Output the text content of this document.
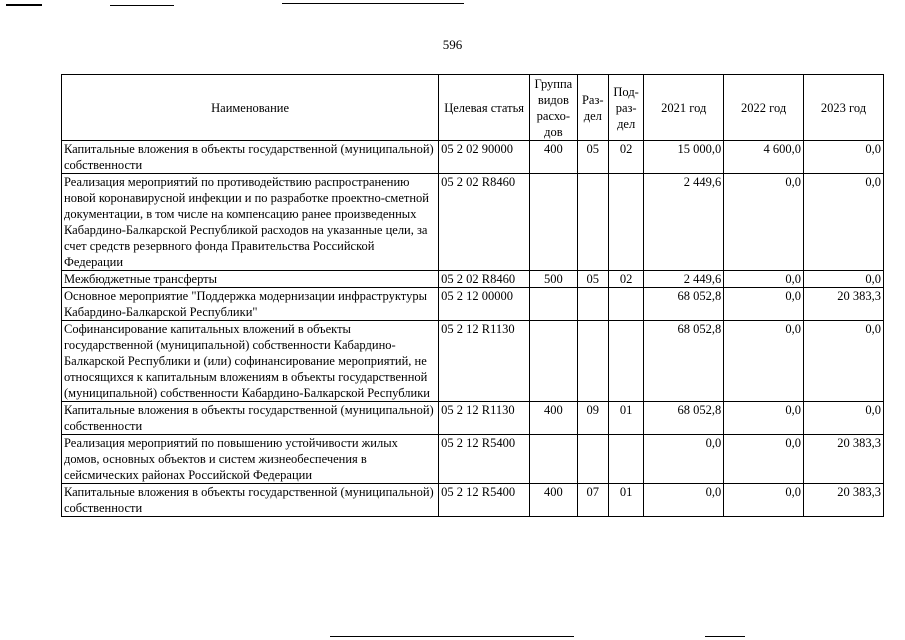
596
Наименование	Целевая статья	Группа видов расхо- дов	Раз- дел	Под- раз- дел	2021 год	2022 год	2023 год
Капитальные вложения в объекты государственной (муниципальной) собственности	05 2 02 90000	400	05	02	15 000,0	4 600,0	0,0
Реализация мероприятий по противодействию распространению новой коронавирусной инфекции и по разработке проектно-сметной документации, в том числе на компенсацию ранее произведенных Кабардино-Балкарской Республикой расходов на указанные цели, за счет средств резервного фонда Правительства Российской Федерации	05 2 02 R8460				2 449,6	0,0	0,0
Межбюджетные трансферты	05 2 02 R8460	500	05	02	2 449,6	0,0	0,0
Основное мероприятие "Поддержка модернизации инфраструктуры Кабардино-Балкарской Республики"	05 2 12 00000				68 052,8	0,0	20 383,3
Софинансирование капитальных вложений в объекты государственной (муниципальной) собственности Кабардино-Балкарской Республики и (или) софинансирование мероприятий, не относящихся к капитальным вложениям в объекты государственной (муниципальной) собственности Кабардино-Балкарской Республики	05 2 12 R1130				68 052,8	0,0	0,0
Капитальные вложения в объекты государственной (муниципальной) собственности	05 2 12 R1130	400	09	01	68 052,8	0,0	0,0
Реализация мероприятий по повышению устойчивости жилых домов, основных объектов и систем жизнеобеспечения в сейсмических районах Российской Федерации	05 2 12 R5400				0,0	0,0	20 383,3
Капитальные вложения в объекты государственной (муниципальной) собственности	05 2 12 R5400	400	07	01	0,0	0,0	20 383,3
